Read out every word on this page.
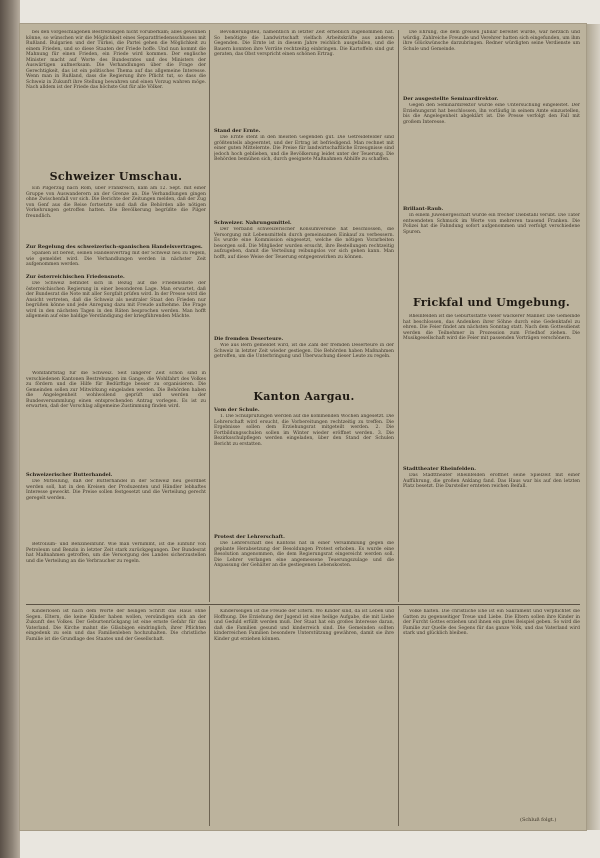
bei den vorgeschlagenen Bestrebungen nicht vorüberkam; alles gewinnen könne, so wünschen wir die Möglichkeit eines Separatfriedensschlusses mit Rußland. Bulgarien und der Türkei, die Partei gehen die Möglichkeit zu einem Frieden, und so diese Staaten der Friede hoffe. Und nun kommt die Mahnung für einen Frieden, ein Friede wird kommen. Der englische Minister macht auf Worte des Bundesrates und des Ministers der Auswärtigen aufmerksam. Die Verhandlungen über die Frage der Gerechtigkeit, das ist ein politisches Thema auf das allgemeine Interesse. Wenn man in Rußland, dass die Regierung ihre Pflicht tut, so dass die Schweiz in Zukunft ihre Stellung bewahren und einen Vorzug wahren möge. Nach alldem ist der Friede das höchste Gut für alle Völker.

Schweizer Umschau.

Ein Pilgerzug nach Rom, über Frankreich, kam am 12. Sept. mit einer Gruppe von Auswanderern an der Grenze an. Die Verhandlungen gingen ohne Zwischenfall vor sich. Die Berichte der Zeitungen melden, daß der Zug von Genf aus die Reise fortsetzte und daß die Behörden alle nötigen Vorkehrungen getroffen hatten. Die Bevölkerung begrüßte die Pilger freundlich.

Zur Regelung des schweizerisch-spanischen Handelsvertrages.

Spanien ist bereit, seinen Handelsvertrag mit der Schweiz neu zu regeln, wie gemeldet wird. Die Verhandlungen werden in nächster Zeit aufgenommen werden.

Zur österreichischen Friedensnote.

Die Schweiz befindet sich in Bezug auf die Friedensnote der österreichischen Regierung in einer besonderen Lage. Man erwartet, daß der Bundesrat die Note mit aller Sorgfalt prüfen wird. In der Presse wird die Ansicht vertreten, daß die Schweiz als neutraler Staat den Frieden nur begrüßen könne und jede Anregung dazu mit Freude aufnehme. Die Frage wird in den nächsten Tagen in den Räten besprochen werden. Man hofft allgemein auf eine baldige Verständigung der kriegführenden Mächte.

Wohlfahrtstag für die Schweiz. Seit längerer Zeit schon sind in verschiedenen Kantonen Bestrebungen im Gange, die Wohlfahrt des Volkes zu fördern und die Hilfe für Bedürftige besser zu organisieren. Die Gemeinden sollen zur Mitwirkung eingeladen werden. Die Behörden haben die Angelegenheit wohlwollend geprüft und werden der Bundesversammlung einen entsprechenden Antrag vorlegen. Es ist zu erwarten, daß der Vorschlag allgemeine Zustimmung finden wird.

Schweizerischer Butterhandel.

Die Mitteilung, daß der Butterhandel in der Schweiz neu geordnet werden soll, hat in den Kreisen der Produzenten und Händler lebhaftes Interesse geweckt. Die Preise sollen festgesetzt und die Verteilung gerecht geregelt werden.

Betrolium- und Benzineinfuhr. Wie man vernimmt, ist die Einfuhr von Petroleum und Benzin in letzter Zeit stark zurückgegangen. Der Bundesrat hat Maßnahmen getroffen, um die Versorgung des Landes sicherzustellen und die Verteilung an die Verbraucher zu regeln.

Bevölkerungsteil, namentlich in letzter Zeit erheblich zugenommen hat. So benötigte die Landwirtschaft vielfach Arbeitskräfte aus anderen Gegenden. Die Ernte ist in diesem Jahre reichlich ausgefallen, und die Bauern konnten ihre Vorräte rechtzeitig einbringen. Die Kartoffeln sind gut geraten, das Obst verspricht einen schönen Ertrag.

Stand der Ernte.

Die Ernte steht in den meisten Gegenden gut. Die Getreidefelder sind größtenteils abgeerntet, und der Ertrag ist befriedigend. Man rechnet mit einer guten Mittelernte. Die Preise für landwirtschaftliche Erzeugnisse sind jedoch hoch geblieben, und die Bevölkerung leidet unter der Teuerung. Die Behörden bemühen sich, durch geeignete Maßnahmen Abhilfe zu schaffen.

Schweizer. Nahrungsmittel.

Der Verband schweizerischer Konsumvereine hat beschlossen, die Versorgung mit Lebensmitteln durch gemeinsamen Einkauf zu verbessern. Es wurde eine Kommission eingesetzt, welche die nötigen Vorarbeiten besorgen soll. Die Mitglieder wurden ersucht, ihre Bestellungen rechtzeitig aufzugeben, damit die Verteilung reibungslos vor sich gehen kann. Man hofft, auf diese Weise der Teuerung entgegenwirken zu können.

Die fremden Deserteure.

Wie aus Bern gemeldet wird, ist die Zahl der fremden Deserteure in der Schweiz in letzter Zeit wieder gestiegen. Die Behörden haben Maßnahmen getroffen, um die Unterbringung und Überwachung dieser Leute zu regeln.

Kanton Aargau.
Vom der Schule.

1. Die Schulprüfungen werden auf die kommenden Wochen angesetzt. Die Lehrerschaft wird ersucht, die Vorbereitungen rechtzeitig zu treffen. Die Ergebnisse sollen dem Erziehungsrat mitgeteilt werden. 2. Die Fortbildungsschulen sollen im Winter wieder eröffnet werden. 3. Die Bezirksschulpflegen werden eingeladen, über den Stand der Schulen Bericht zu erstatten.

Protest der Lehrerschaft.

Die Lehrerschaft des Kantons hat in einer Versammlung gegen die geplante Herabsetzung der Besoldungen Protest erhoben. Es wurde eine Resolution angenommen, die dem Regierungsrat eingereicht werden soll. Die Lehrer verlangen eine angemessene Teuerungszulage und die Anpassung der Gehälter an die gestiegenen Lebenskosten.

Die Ehrung, die dem greisen Jubilar bereitet wurde, war herzlich und würdig. Zahlreiche Freunde und Verehrer hatten sich eingefunden, um ihm ihre Glückwünsche darzubringen. Redner würdigten seine Verdienste um Schule und Gemeinde.

Der ausgestellte Seminardirektor.

Gegen den Seminardirektor wurde eine Untersuchung eingeleitet. Der Erziehungsrat hat beschlossen, ihn vorläufig in seinem Amte einzustellen, bis die Angelegenheit abgeklärt ist. Die Presse verfolgt den Fall mit großem Interesse.

Brillant-Raub.

In einem Juweliergeschäft wurde ein frecher Diebstahl verübt. Die Täter entwendeten Schmuck im Werte von mehreren tausend Franken. Die Polizei hat die Fahndung sofort aufgenommen und verfolgt verschiedene Spuren.

Frickfal und Umgebung.

Rheinfelden ist die Geburtsstätte vieler wackerer Männer. Die Gemeinde hat beschlossen, das Andenken ihrer Söhne durch eine Gedenktafel zu ehren. Die Feier findet am nächsten Sonntag statt. Nach dem Gottesdienst werden die Teilnehmer in Prozession zum Friedhof ziehen. Die Musikgesellschaft wird die Feier mit passenden Vorträgen verschönern.

Stadttheater Rheinfelden.

Das Stadttheater Rheinfelden eröffnet seine Spielzeit mit einer Aufführung, die großen Anklang fand. Das Haus war bis auf den letzten Platz besetzt. Die Darsteller ernteten reichen Beifall.

Kinderlosen ist nach dem Worte der heiligen Schrift das Haus ohne Segen. Eltern, die keine Kinder haben wollen, versündigen sich an der Zukunft des Volkes. Der Geburtenrückgang ist eine ernste Gefahr für das Vaterland. Die Kirche mahnt die Gläubigen eindringlich, ihrer Pflichten eingedenk zu sein und das Familienleben hochzuhalten. Die christliche Familie ist die Grundlage des Staates und der Gesellschaft.

Kinderseligen ist die Freude der Eltern. Wo Kinder sind, da ist Leben und Hoffnung. Die Erziehung der Jugend ist eine heilige Aufgabe, die mit Liebe und Geduld erfüllt werden muß. Der Staat hat ein großes Interesse daran, daß die Familien gesund und kinderreich sind. Die Gemeinden sollten kinderreichen Familien besondere Unterstützung gewähren, damit sie ihre Kinder gut erziehen können.

Volke halten. Die christliche Ehe ist ein Sakrament und verpflichtet die Gatten zu gegenseitiger Treue und Liebe. Die Eltern sollen ihre Kinder in der Furcht Gottes erziehen und ihnen ein gutes Beispiel geben. So wird die Familie zur Quelle des Segens für das ganze Volk, und das Vaterland wird stark und glücklich bleiben.

(Schluß folgt.)
